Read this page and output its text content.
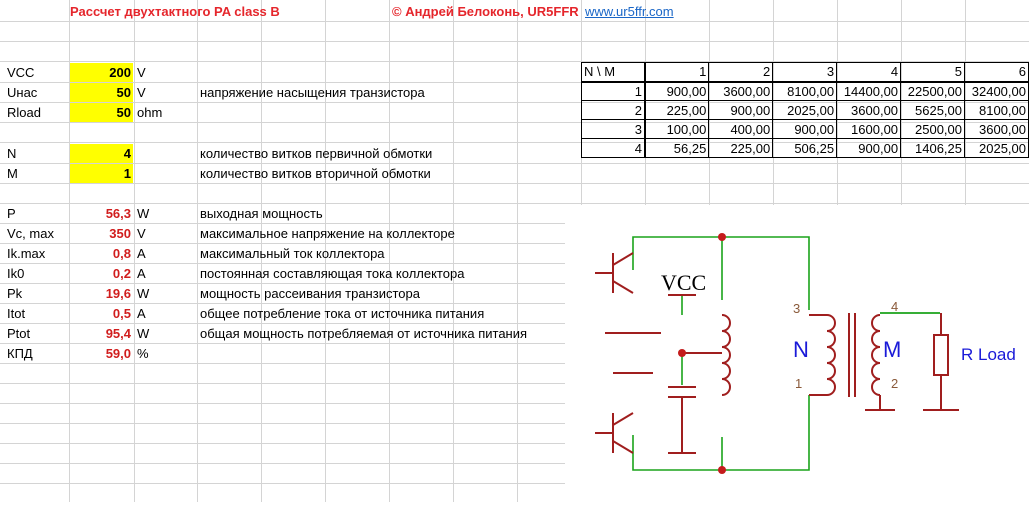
Рассчет двухтактного PA class B	© Андрей Белоконь, UR5FFR www.ur5ffr.com
VCC	200 V
Uнас	50 V	напряжение насыщения транзистора
Rload	50 ohm
N	4	количество витков первичной обмотки
M	1	количество витков вторичной обмотки
P	56,3 W	выходная мощность
Vc, max	350 V	максимальное напряжение на коллекторе
Ik.max	0,8 A	максимальный ток коллектора
Ik0	0,2 A	постоянная составляющая тока коллектора
Pk	19,6 W	мощность рассеивания транзистора
Itot	0,5 A	общее потребление тока от источника питания
Ptot	95,4 W	общая мощность потребляемая от источника питания
КПД	59,0 %
N \ M	1	2	3	4	5	6
1	900,00	3600,00	8100,00	14400,00	22500,00	32400,00
2	225,00	900,00	2025,00	3600,00	5625,00	8100,00
3	100,00	400,00	900,00	1600,00	2500,00	3600,00
4	56,25	225,00	506,25	900,00	1406,25	2025,00
VCC
N	M	R Load
3	4
1	2
